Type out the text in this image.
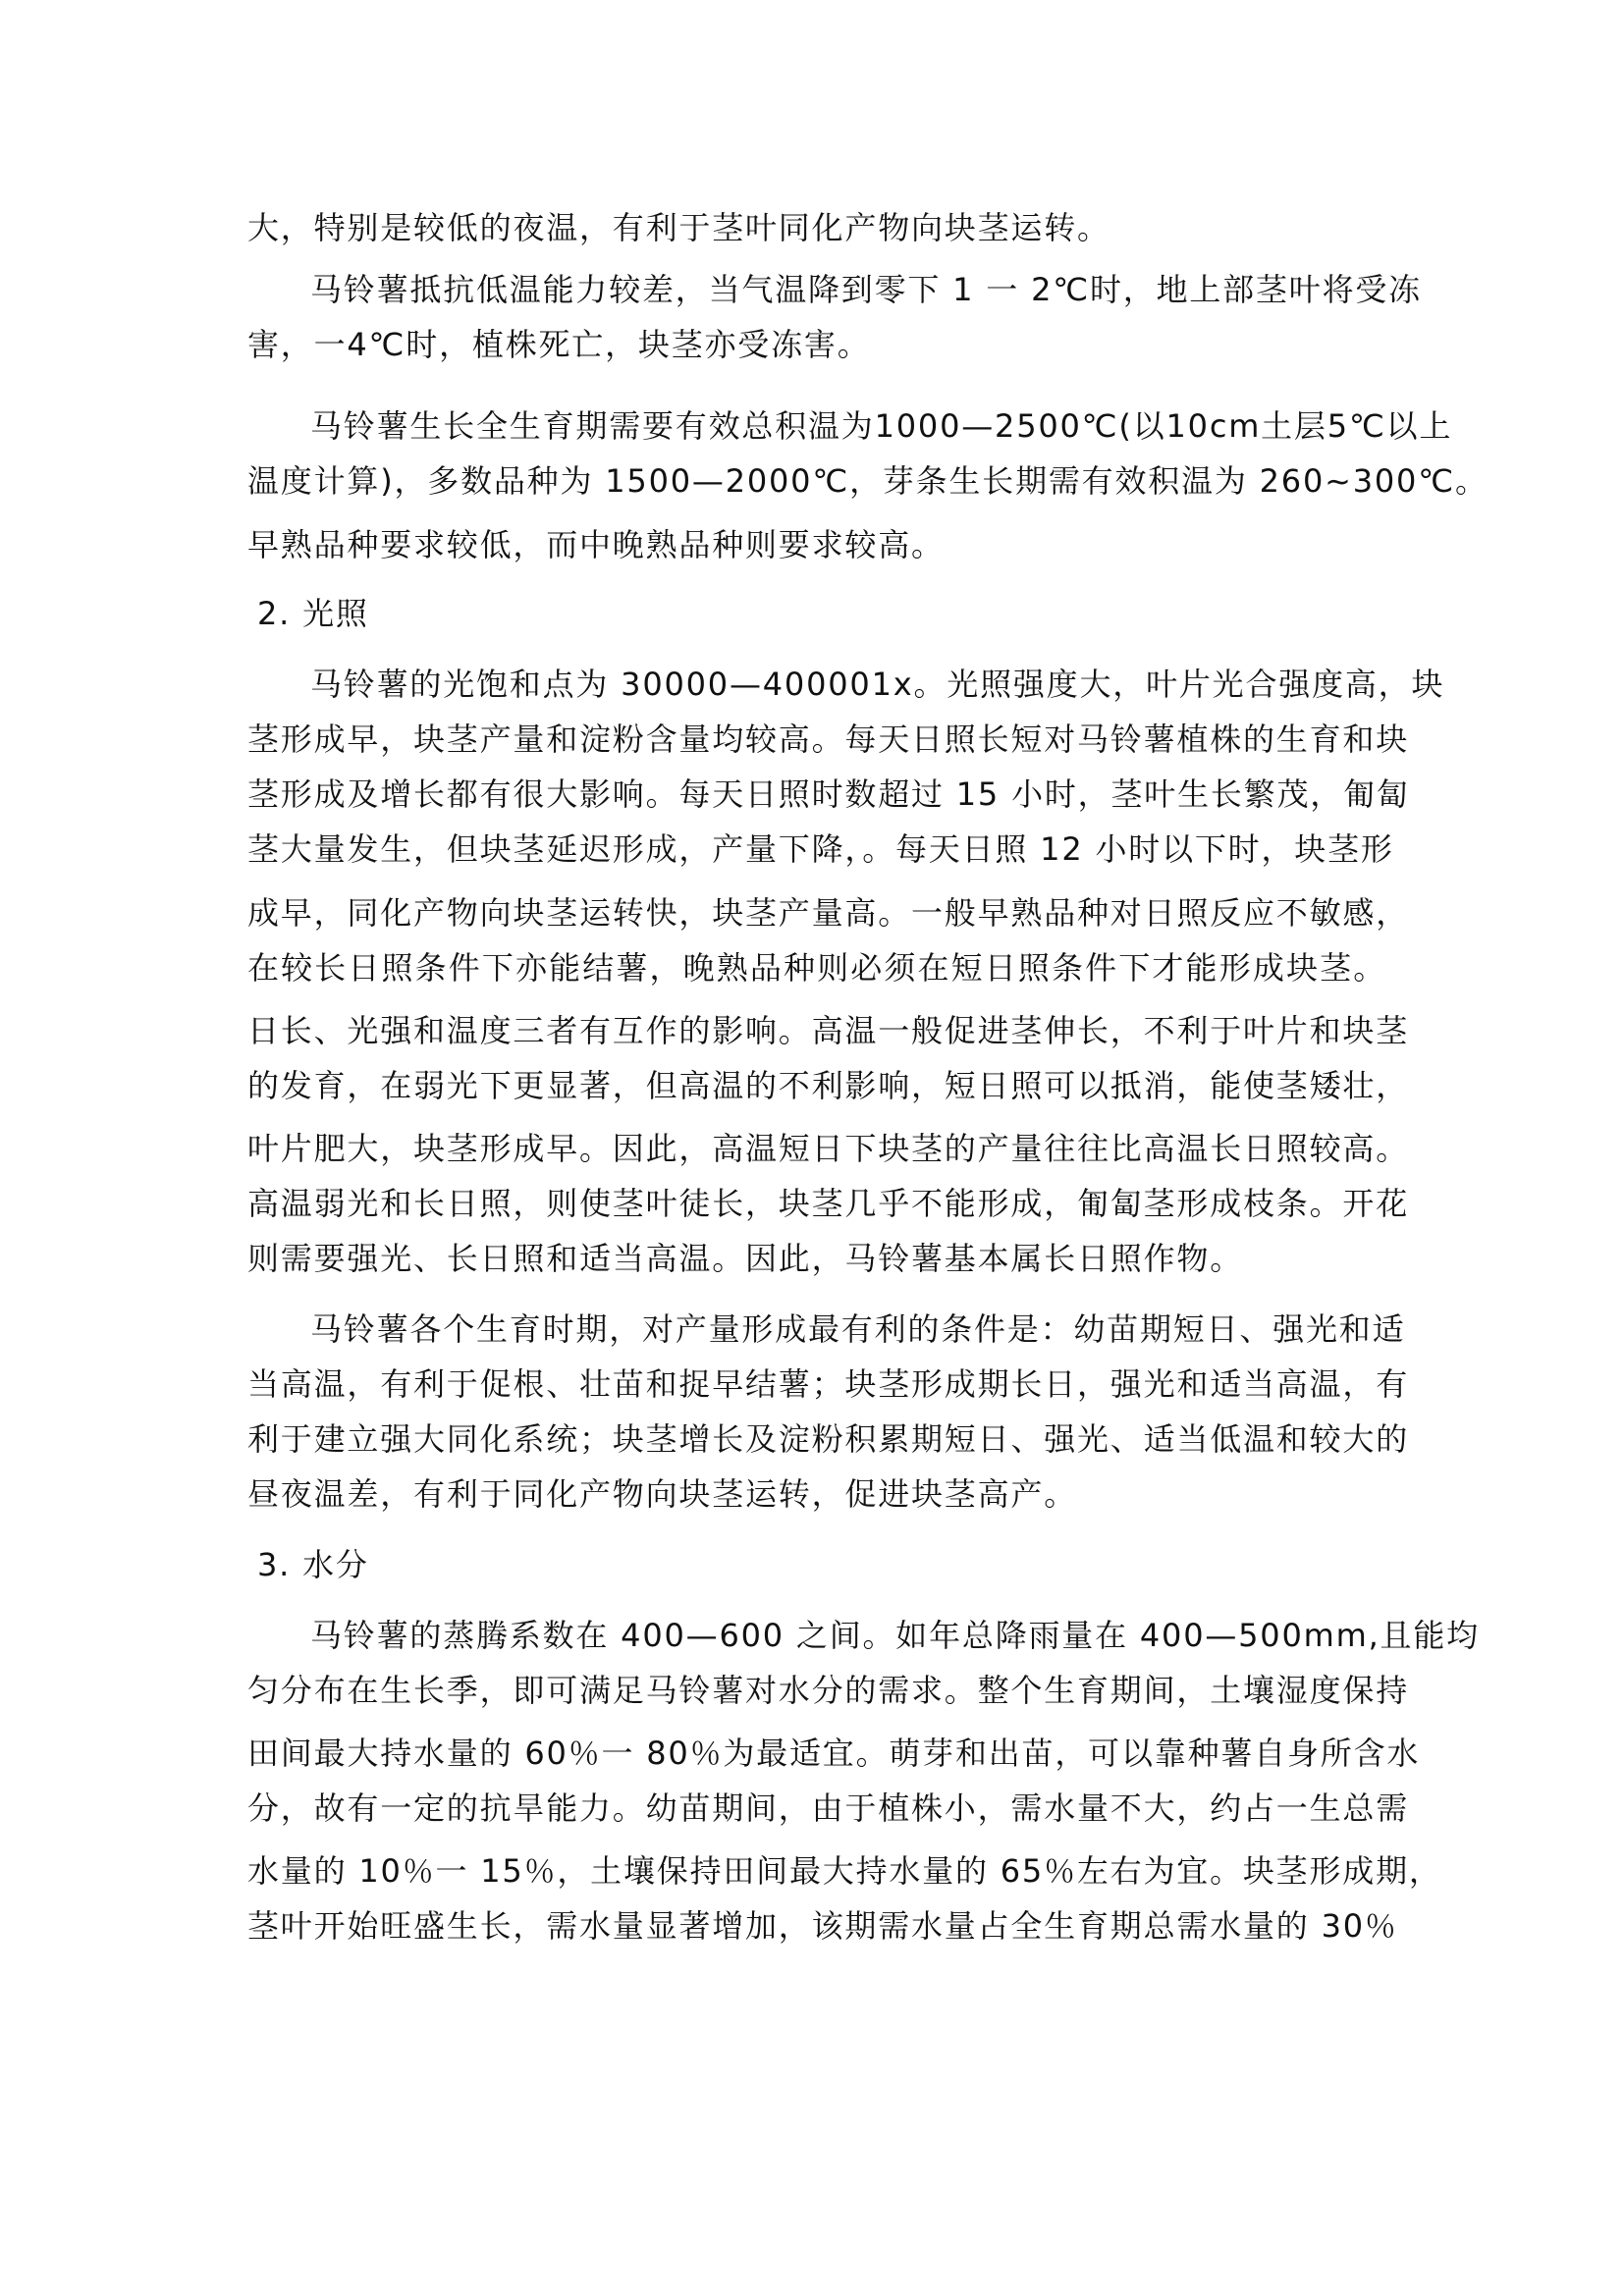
大，特别是较低的夜温，有利于茎叶同化产物向块茎运转。
马铃薯抵抗低温能力较差，当气温降到零下 1 一 2℃时，地上部茎叶将受冻
害，一4℃时，植株死亡，块茎亦受冻害。
马铃薯生长全生育期需要有效总积温为1000—2500℃(以10cm土层5℃以上
温度计算)，多数品种为 1500—2000℃，芽条生长期需有效积温为 260~300℃。
早熟品种要求较低，而中晚熟品种则要求较高。
2. 光照
马铃薯的光饱和点为 30000—400001x。光照强度大，叶片光合强度高，块
茎形成早，块茎产量和淀粉含量均较高。每天日照长短对马铃薯植株的生育和块
茎形成及增长都有很大影响。每天日照时数超过 15 小时，茎叶生长繁茂，匍匐
茎大量发生，但块茎延迟形成，产量下降，。每天日照 12 小时以下时，块茎形
成早，同化产物向块茎运转快，块茎产量高。一般早熟品种对日照反应不敏感，
在较长日照条件下亦能结薯，晚熟品种则必须在短日照条件下才能形成块茎。
日长、光强和温度三者有互作的影响。高温一般促进茎伸长，不利于叶片和块茎
的发育，在弱光下更显著，但高温的不利影响，短日照可以抵消，能使茎矮壮，
叶片肥大，块茎形成早。因此，高温短日下块茎的产量往往比高温长日照较高。
高温弱光和长日照，则使茎叶徒长，块茎几乎不能形成，匍匐茎形成枝条。开花
则需要强光、长日照和适当高温。因此，马铃薯基本属长日照作物。
马铃薯各个生育时期，对产量形成最有利的条件是：幼苗期短日、强光和适
当高温，有利于促根、壮苗和捉早结薯；块茎形成期长日，强光和适当高温，有
利于建立强大同化系统；块茎增长及淀粉积累期短日、强光、适当低温和较大的
昼夜温差，有利于同化产物向块茎运转，促进块茎高产。
3. 水分
马铃薯的蒸腾系数在 400—600 之间。如年总降雨量在 400—500mm,且能均
匀分布在生长季，即可满足马铃薯对水分的需求。整个生育期间，土壤湿度保持
田间最大持水量的 60％一 80％为最适宜。萌芽和出苗，可以靠种薯自身所含水
分，故有一定的抗旱能力。幼苗期间，由于植株小，需水量不大，约占一生总需
水量的 10％一 15％，土壤保持田间最大持水量的 65％左右为宜。块茎形成期，
茎叶开始旺盛生长，需水量显著增加，该期需水量占全生育期总需水量的 30％
